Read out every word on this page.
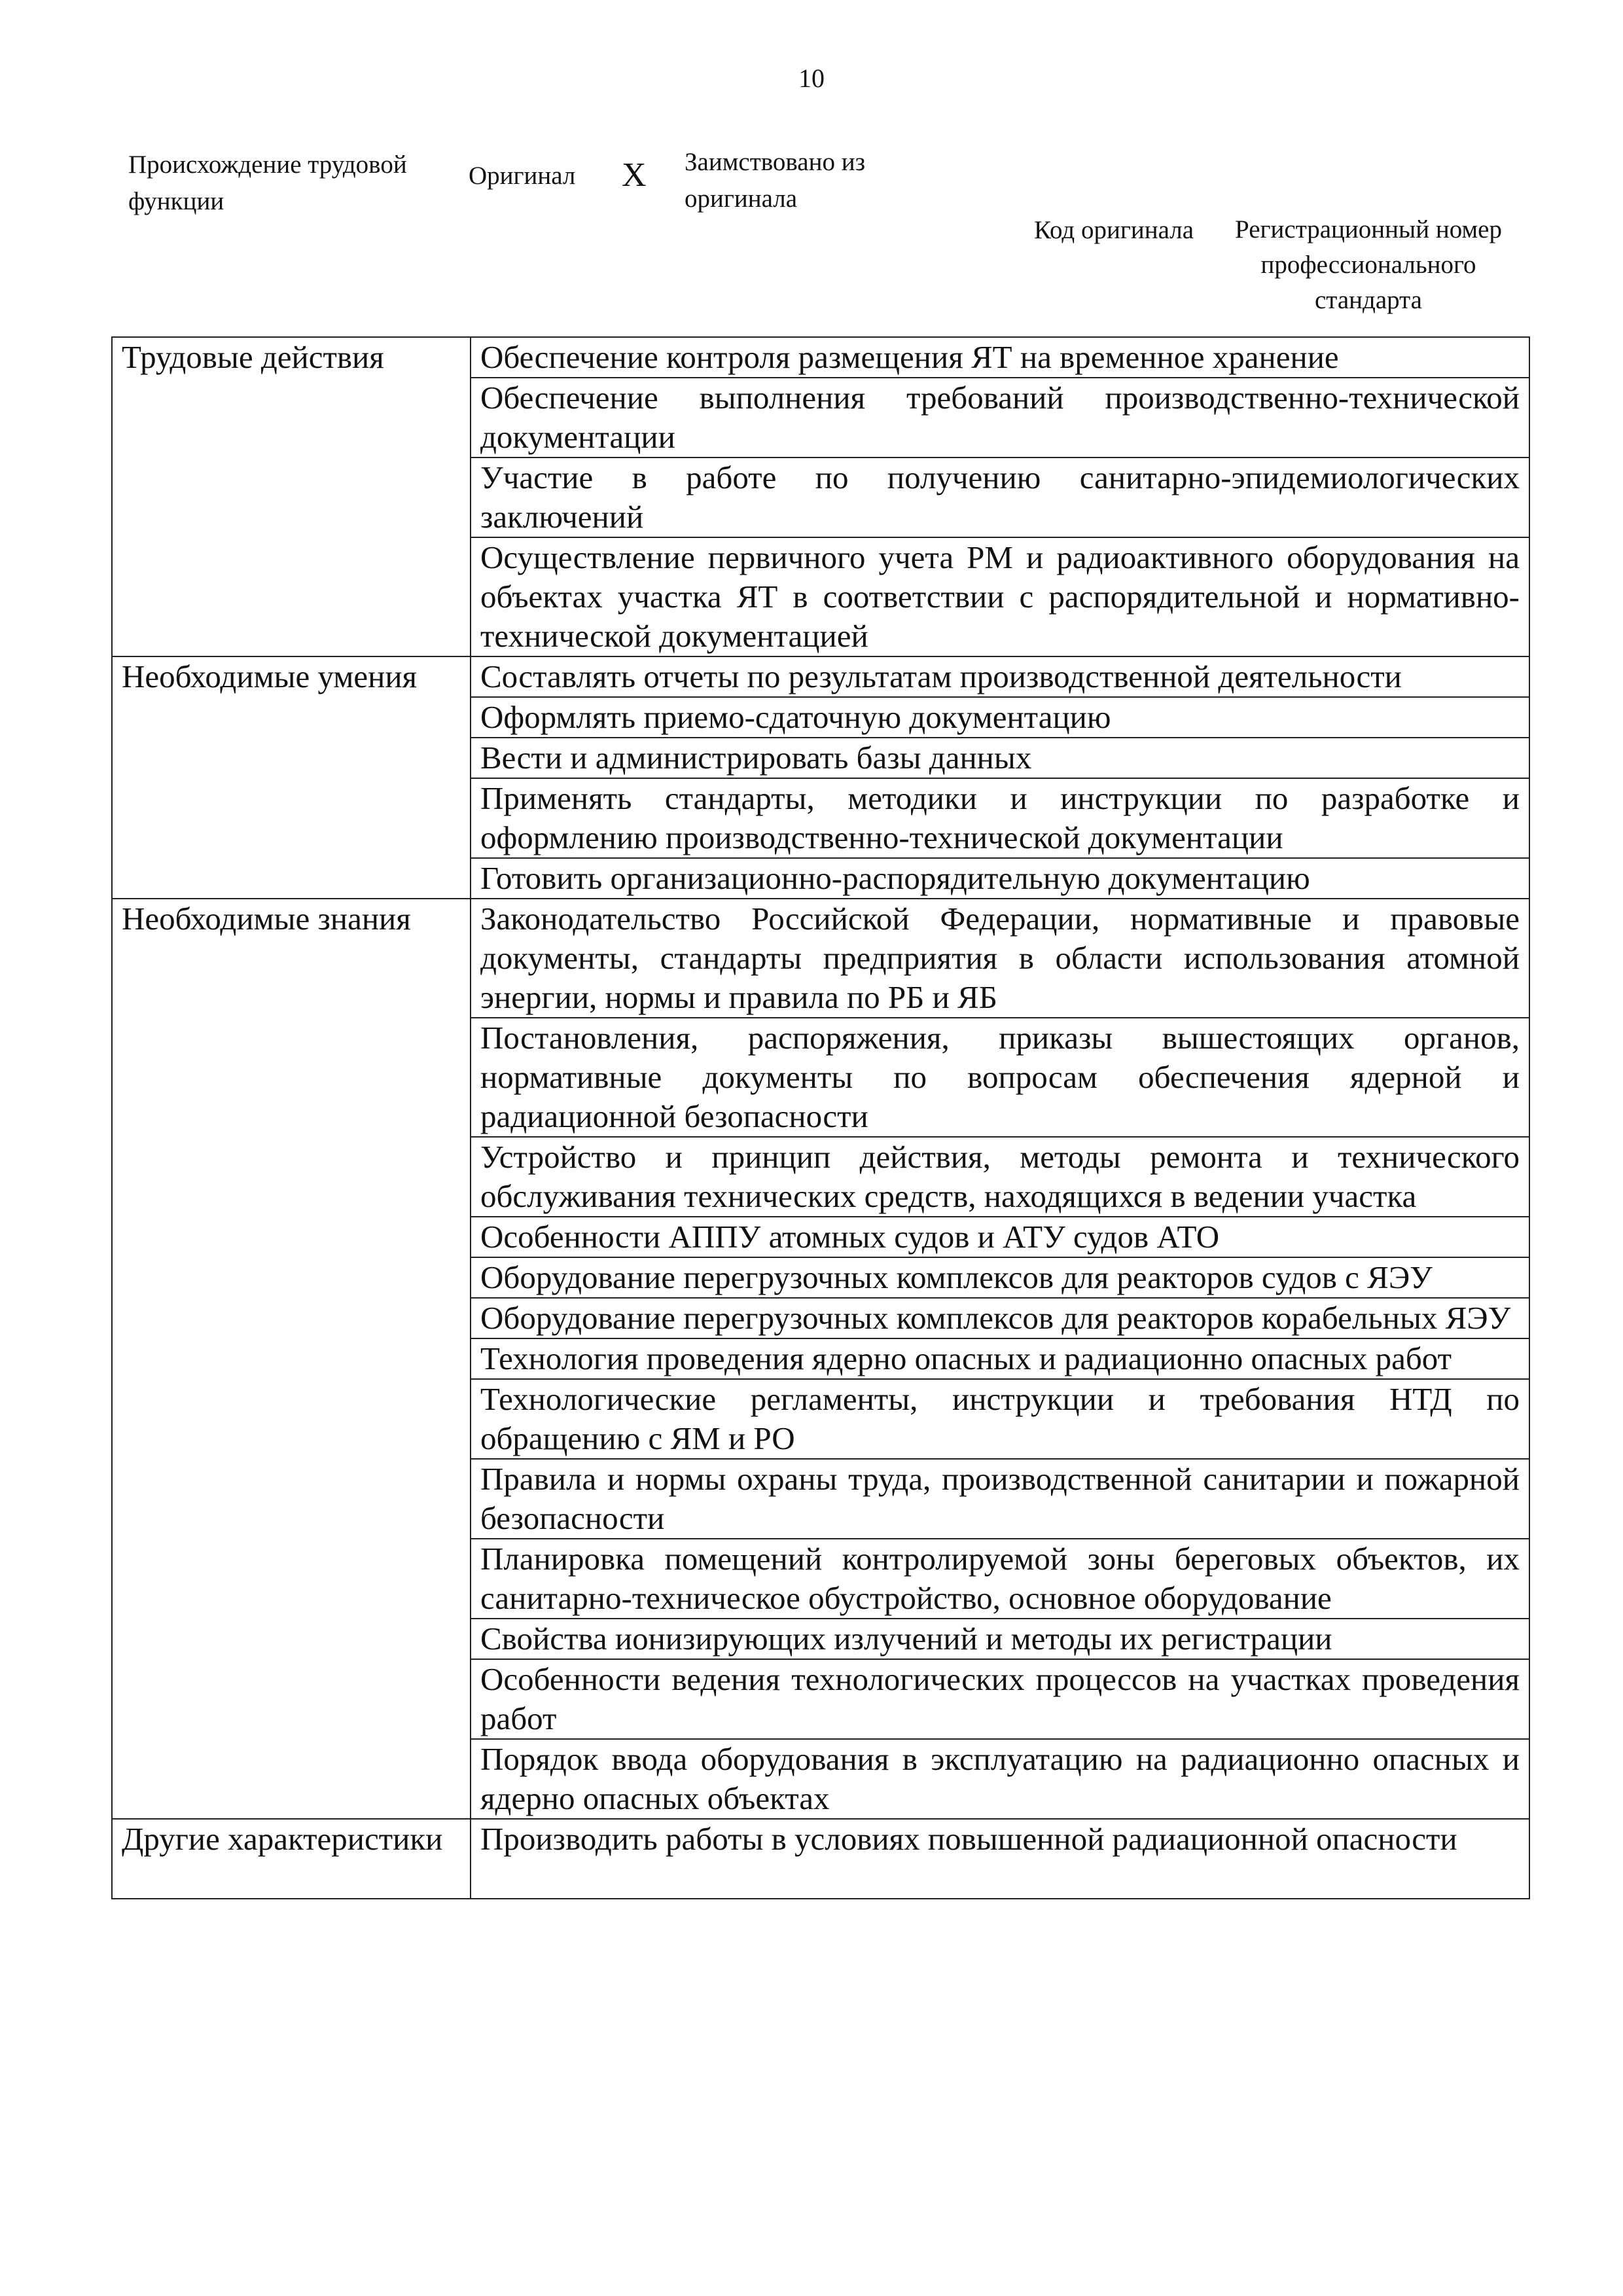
10
Происхождение трудовой функции
Оригинал X Заимствовано из оригинала
Код оригинала	Регистрационный номер профессионального стандарта
Трудовые действия	Обеспечение контроля размещения ЯТ на временное хранение
	Обеспечение выполнения требований производственно-технической документации
	Участие в работе по получению санитарно-эпидемиологических заключений
	Осуществление первичного учета РМ и радиоактивного оборудования на объектах участка ЯТ в соответствии с распорядительной и нормативно-технической документацией
Необходимые умения	Составлять отчеты по результатам производственной деятельности
	Оформлять приемо-сдаточную документацию
	Вести и администрировать базы данных
	Применять стандарты, методики и инструкции по разработке и оформлению производственно-технической документации
	Готовить организационно-распорядительную документацию
Необходимые знания	Законодательство Российской Федерации, нормативные и правовые документы, стандарты предприятия в области использования атомной энергии, нормы и правила по РБ и ЯБ
	Постановления, распоряжения, приказы вышестоящих органов, нормативные документы по вопросам обеспечения ядерной и радиационной безопасности
	Устройство и принцип действия, методы ремонта и технического обслуживания технических средств, находящихся в ведении участка
	Особенности АППУ атомных судов и АТУ судов АТО
	Оборудование перегрузочных комплексов для реакторов судов с ЯЭУ
	Оборудование перегрузочных комплексов для реакторов корабельных ЯЭУ
	Технология проведения ядерно опасных и радиационно опасных работ
	Технологические регламенты, инструкции и требования НТД по обращению с ЯМ и РО
	Правила и нормы охраны труда, производственной санитарии и пожарной безопасности
	Планировка помещений контролируемой зоны береговых объектов, их санитарно-техническое обустройство, основное оборудование
	Свойства ионизирующих излучений и методы их регистрации
	Особенности ведения технологических процессов на участках проведения работ
	Порядок ввода оборудования в эксплуатацию на радиационно опасных и ядерно опасных объектах
Другие характеристики	Производить работы в условиях повышенной радиационной опасности
